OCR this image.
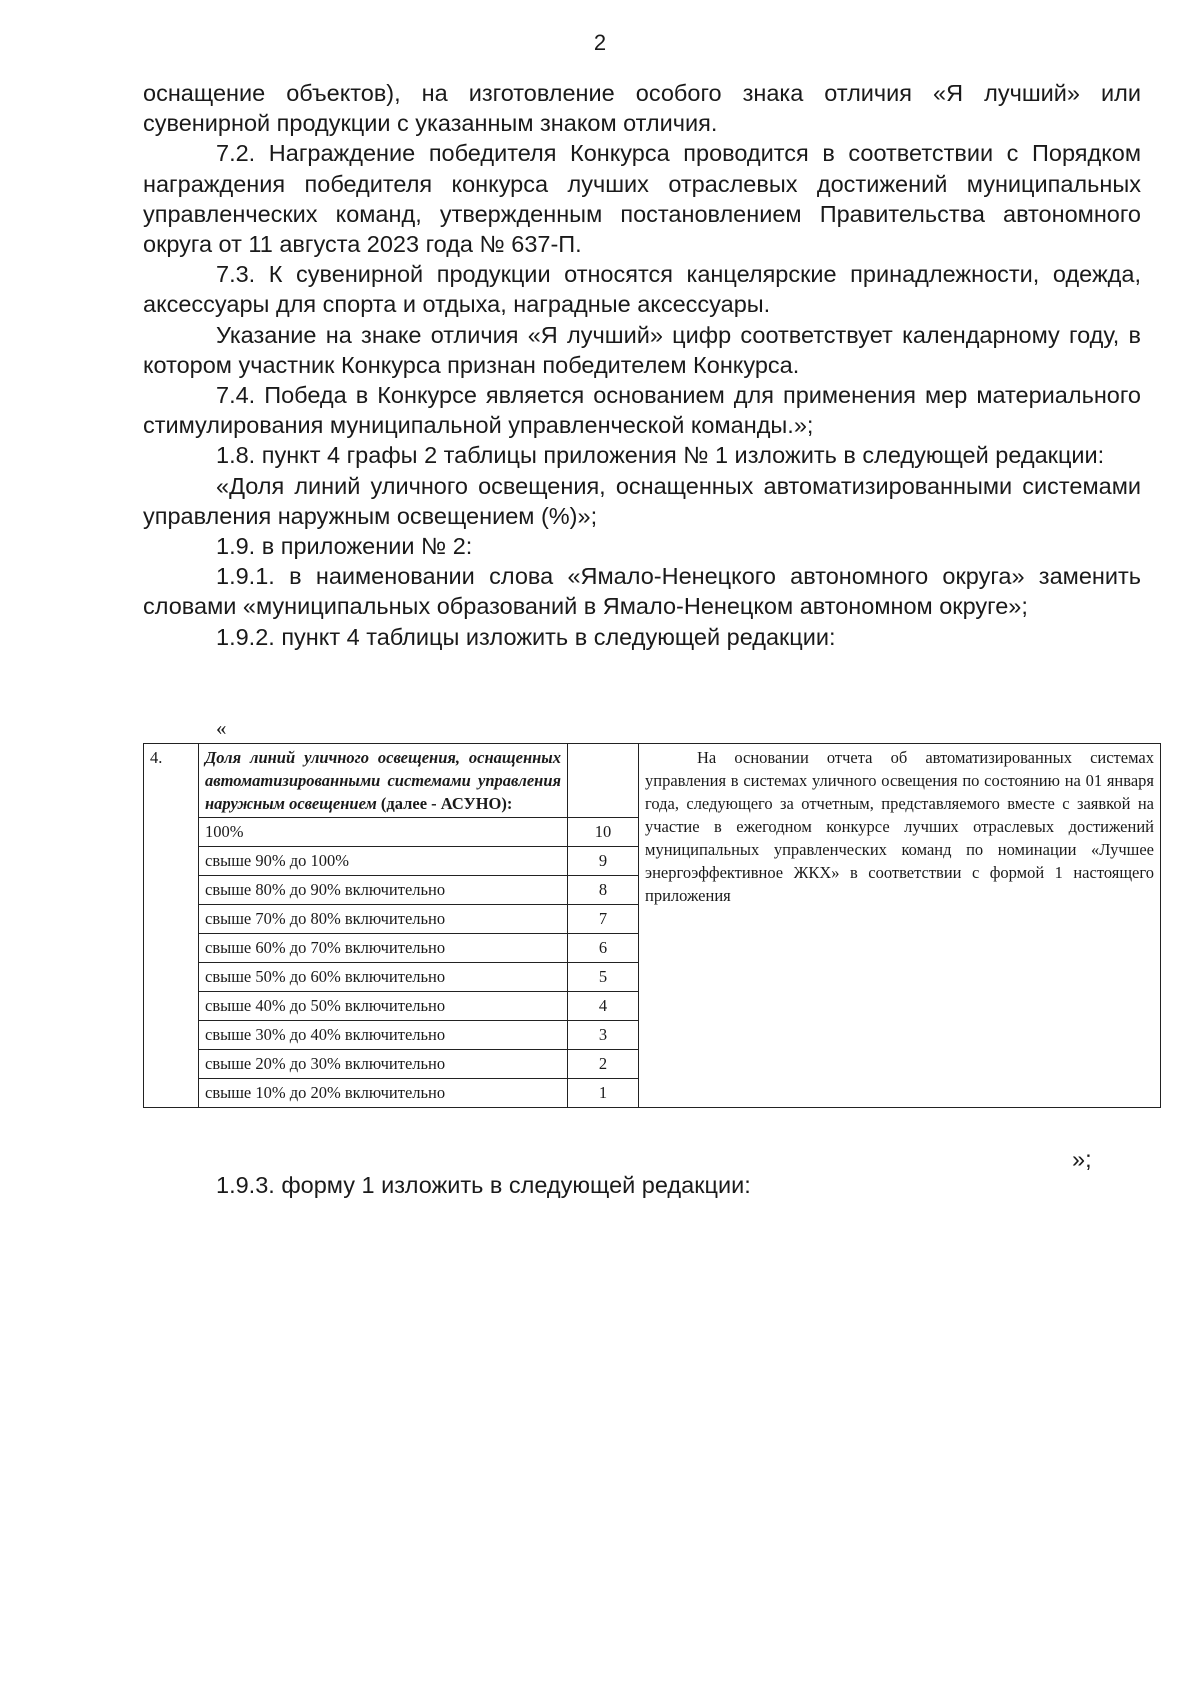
2

оснащение объектов), на изготовление особого знака отличия «Я лучший» или сувенирной продукции с указанным знаком отличия.

7.2. Награждение победителя Конкурса проводится в соответствии с Порядком награждения победителя конкурса лучших отраслевых достижений муниципальных управленческих команд, утвержденным постановлением Правительства автономного округа от 11 августа 2023 года № 637-П.

7.3. К сувенирной продукции относятся канцелярские принадлежности, одежда, аксессуары для спорта и отдыха, наградные аксессуары.

Указание на знаке отличия «Я лучший» цифр соответствует календарному году, в котором участник Конкурса признан победителем Конкурса.

7.4. Победа в Конкурсе является основанием для применения мер материального стимулирования муниципальной управленческой команды.»;

1.8. пункт 4 графы 2 таблицы приложения № 1 изложить в следующей редакции:

«Доля линий уличного освещения, оснащенных автоматизированными системами управления наружным освещением (%)»;

1.9. в приложении № 2:

1.9.1. в наименовании слова «Ямало-Ненецкого автономного округа» заменить словами «муниципальных образований в Ямало-Ненецком автономном округе»;

1.9.2. пункт 4 таблицы изложить в следующей редакции:

«
4.	Доля линий уличного освещения, оснащенных автоматизированными системами управления наружным освещением (далее - АСУНО):		На основании отчета об автоматизированных системах управления в системах уличного освещения по состоянию на 01 января года, следующего за отчетным, представляемого вместе с заявкой на участие в ежегодном конкурсе лучших отраслевых достижений муниципальных управленческих команд по номинации «Лучшее энергоэффективное ЖКХ» в соответствии с формой 1 настоящего приложения

	100%	10	
	свыше 90% до 100%	9	
	свыше 80% до 90% включительно	8	
	свыше 70% до 80% включительно	7	
	свыше 60% до 70% включительно	6	
	свыше 50% до 60% включительно	5	
	свыше 40% до 50% включительно	4	
	свыше 30% до 40% включительно	3	
	свыше 20% до 30% включительно	2	
	свыше 10% до 20% включительно	1	
»;
1.9.3. форму 1 изложить в следующей редакции:
